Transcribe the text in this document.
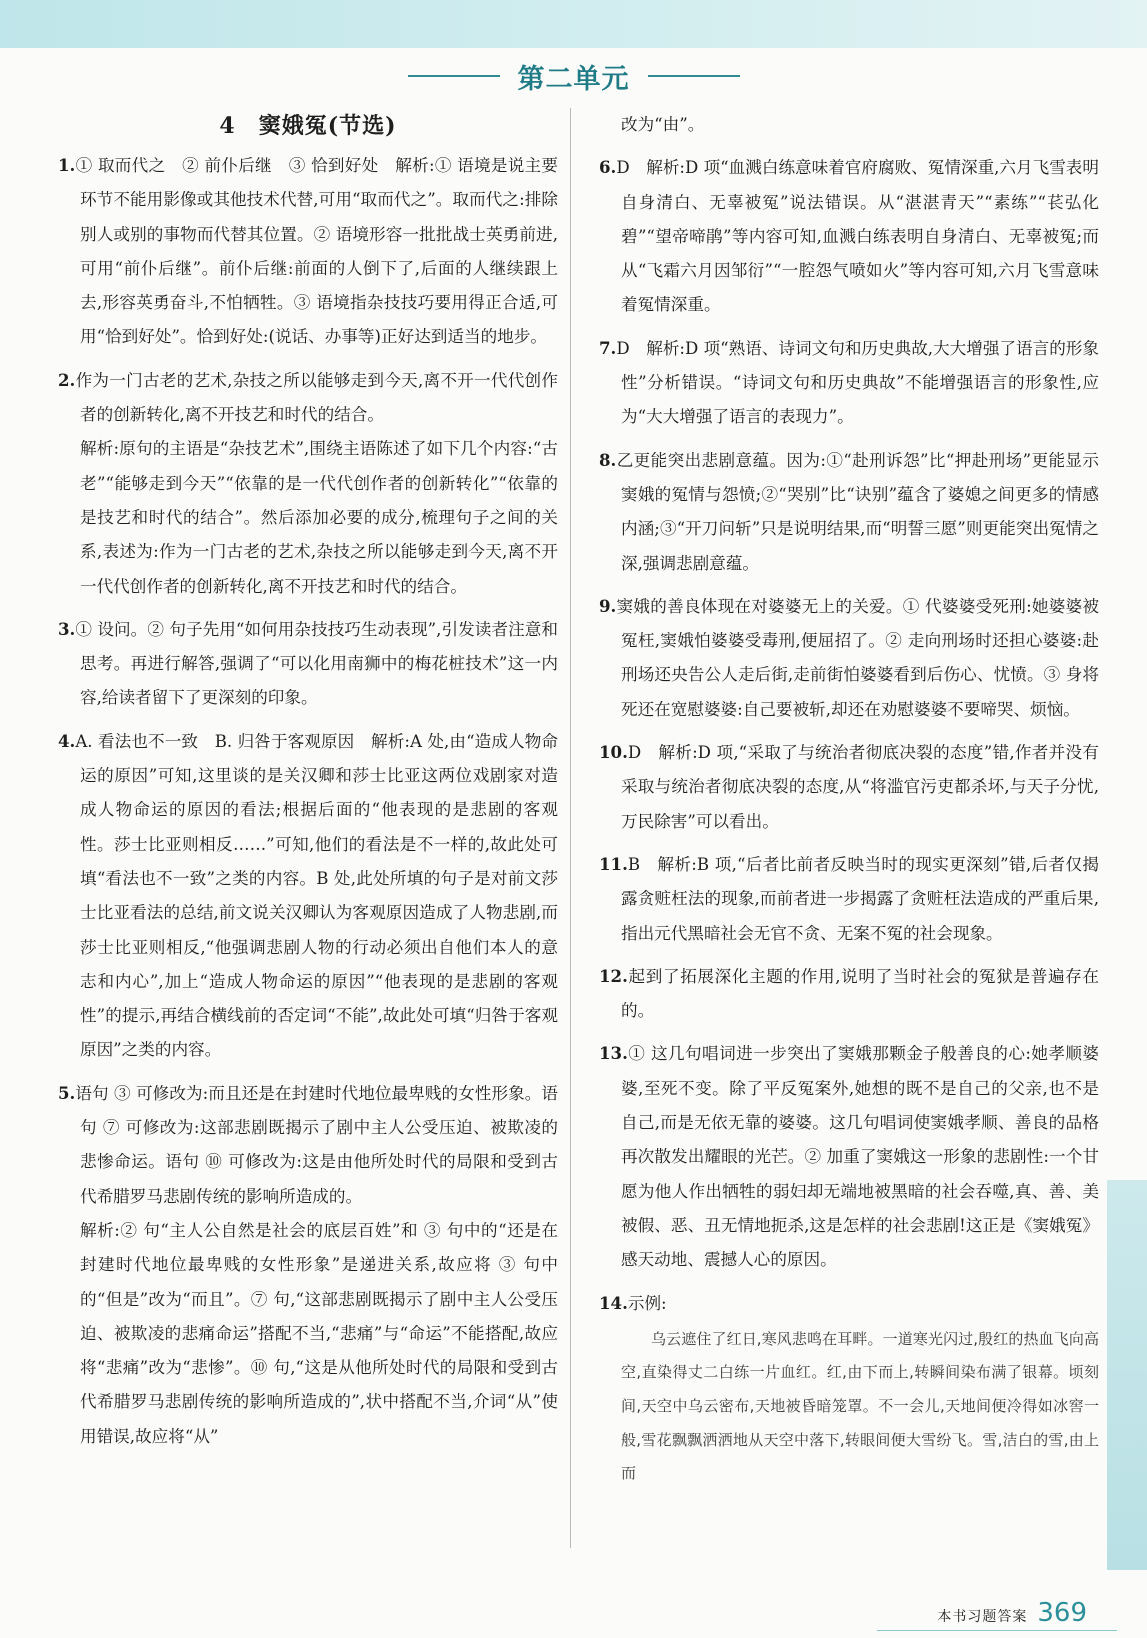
第二单元
4　窦娥冤(节选)
1.① 取而代之　② 前仆后继　③ 恰到好处　解析:① 语境是说主要环节不能用影像或其他技术代替,可用“取而代之”。取而代之:排除别人或别的事物而代替其位置。② 语境形容一批批战士英勇前进,可用“前仆后继”。前仆后继:前面的人倒下了,后面的人继续跟上去,形容英勇奋斗,不怕牺牲。③ 语境指杂技技巧要用得正合适,可用“恰到好处”。恰到好处:(说话、办事等)正好达到适当的地步。
2.作为一门古老的艺术,杂技之所以能够走到今天,离不开一代代创作者的创新转化,离不开技艺和时代的结合。
解析:原句的主语是“杂技艺术”,围绕主语陈述了如下几个内容:“古老”“能够走到今天”“依靠的是一代代创作者的创新转化”“依靠的是技艺和时代的结合”。然后添加必要的成分,梳理句子之间的关系,表述为:作为一门古老的艺术,杂技之所以能够走到今天,离不开一代代创作者的创新转化,离不开技艺和时代的结合。
3.① 设问。② 句子先用“如何用杂技技巧生动表现”,引发读者注意和思考。再进行解答,强调了“可以化用南狮中的梅花桩技术”这一内容,给读者留下了更深刻的印象。
4.A. 看法也不一致　B. 归咎于客观原因　解析:A 处,由“造成人物命运的原因”可知,这里谈的是关汉卿和莎士比亚这两位戏剧家对造成人物命运的原因的看法;根据后面的“他表现的是悲剧的客观性。莎士比亚则相反……”可知,他们的看法是不一样的,故此处可填“看法也不一致”之类的内容。B 处,此处所填的句子是对前文莎士比亚看法的总结,前文说关汉卿认为客观原因造成了人物悲剧,而莎士比亚则相反,“他强调悲剧人物的行动必须出自他们本人的意志和内心”,加上“造成人物命运的原因”“他表现的是悲剧的客观性”的提示,再结合横线前的否定词“不能”,故此处可填“归咎于客观原因”之类的内容。
5.语句 ③ 可修改为:而且还是在封建时代地位最卑贱的女性形象。语句 ⑦ 可修改为:这部悲剧既揭示了剧中主人公受压迫、被欺凌的悲惨命运。语句 ⑩ 可修改为:这是由他所处时代的局限和受到古代希腊罗马悲剧传统的影响所造成的。
解析:② 句“主人公自然是社会的底层百姓”和 ③ 句中的“还是在封建时代地位最卑贱的女性形象”是递进关系,故应将 ③ 句中的“但是”改为“而且”。⑦ 句,“这部悲剧既揭示了剧中主人公受压迫、被欺凌的悲痛命运”搭配不当,“悲痛”与“命运”不能搭配,故应将“悲痛”改为“悲惨”。⑩ 句,“这是从他所处时代的局限和受到古代希腊罗马悲剧传统的影响所造成的”,状中搭配不当,介词“从”使用错误,故应将“从”
改为“由”。
6.D　解析:D 项“血溅白练意味着官府腐败、冤情深重,六月飞雪表明自身清白、无辜被冤”说法错误。从“湛湛青天”“素练”“苌弘化碧”“望帝啼鹃”等内容可知,血溅白练表明自身清白、无辜被冤;而从“飞霜六月因邹衍”“一腔怨气喷如火”等内容可知,六月飞雪意味着冤情深重。
7.D　解析:D 项“熟语、诗词文句和历史典故,大大增强了语言的形象性”分析错误。“诗词文句和历史典故”不能增强语言的形象性,应为“大大增强了语言的表现力”。
8.乙更能突出悲剧意蕴。因为:①“赴刑诉怨”比“押赴刑场”更能显示窦娥的冤情与怨愤;②“哭别”比“诀别”蕴含了婆媳之间更多的情感内涵;③“开刀问斩”只是说明结果,而“明誓三愿”则更能突出冤情之深,强调悲剧意蕴。
9.窦娥的善良体现在对婆婆无上的关爱。① 代婆婆受死刑:她婆婆被冤枉,窦娥怕婆婆受毒刑,便屈招了。② 走向刑场时还担心婆婆:赴刑场还央告公人走后街,走前街怕婆婆看到后伤心、忧愤。③ 身将死还在宽慰婆婆:自己要被斩,却还在劝慰婆婆不要啼哭、烦恼。
10.D　解析:D 项,“采取了与统治者彻底决裂的态度”错,作者并没有采取与统治者彻底决裂的态度,从“将滥官污吏都杀坏,与天子分忧,万民除害”可以看出。
11.B　解析:B 项,“后者比前者反映当时的现实更深刻”错,后者仅揭露贪赃枉法的现象,而前者进一步揭露了贪赃枉法造成的严重后果,指出元代黑暗社会无官不贪、无案不冤的社会现象。
12.起到了拓展深化主题的作用,说明了当时社会的冤狱是普遍存在的。
13.① 这几句唱词进一步突出了窦娥那颗金子般善良的心:她孝顺婆婆,至死不变。除了平反冤案外,她想的既不是自己的父亲,也不是自己,而是无依无靠的婆婆。这几句唱词使窦娥孝顺、善良的品格再次散发出耀眼的光芒。② 加重了窦娥这一形象的悲剧性:一个甘愿为他人作出牺牲的弱妇却无端地被黑暗的社会吞噬,真、善、美被假、恶、丑无情地扼杀,这是怎样的社会悲剧!这正是《窦娥冤》感天动地、震撼人心的原因。
14.示例:

乌云遮住了红日,寒风悲鸣在耳畔。一道寒光闪过,殷红的热血飞向高空,直染得丈二白练一片血红。红,由下而上,转瞬间染布满了银幕。顷刻间,天空中乌云密布,天地被昏暗笼罩。不一会儿,天地间便冷得如冰窖一般,雪花飘飘洒洒地从天空中落下,转眼间便大雪纷飞。雪,洁白的雪,由上而

本书习题答案 369
